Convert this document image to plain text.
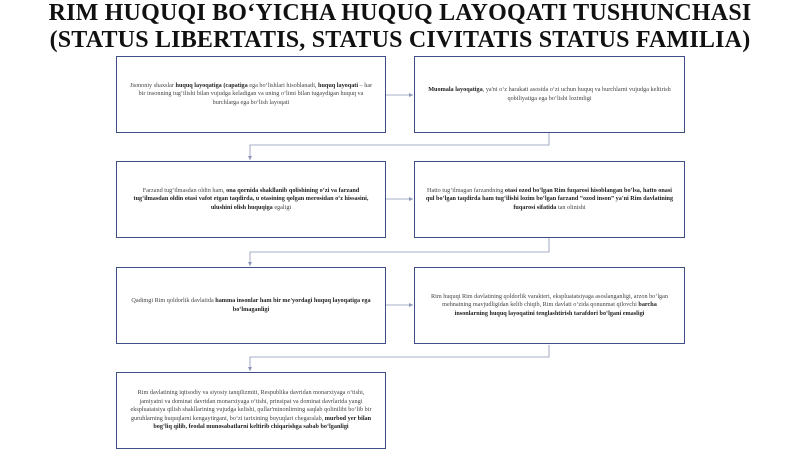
RIM HUQUQI BO‘YICHA HUQUQ LAYOQATI TUSHUNCHASI
(STATUS LIBERTATIS, STATUS CIVITATIS STATUS FAMILIA)
Jismoniy shaxslar huquq layoqatiga (capatiga ega bo‘lishlari hisoblanadi, huquq layoqati – har bir insonning tug‘ilishi bilan vujudga keladigan va uning o‘limi bilan tugaydigan huquq va burchlarga ega bo‘lish layoqati
Muomala layoqatiga, ya'ni o‘z harakati asosida o‘zi uchun huquq va burchlarni vujudga keltirish qobiliyatiga ega bo‘lishi lozimligi
Farzand tug‘ilmasdan oldin ham, ona qornida shakllanib qolishining o‘zi va farzand tug‘ilmasdan oldin otasi vafot etgan taqdirda, u otasining qolgan merosidan o‘z hissasini, ulushini olish huquqiga egaligi
Hatto tug‘ilmagan farzandning otasi ozod bo‘lgan Rim fuqarosi hisoblangan bo‘lsa, hatto onasi qul bo‘lgan taqdirda ham tug‘ilishi lozim bo‘lgan farzand “ozod inson” ya'ni Rim davlatining fuqarosi sifatida tan olinishi
Qadimgi Rim qoldorlik davlatida hamma insonlar ham bir me'yordagi huquq layoqatiga ega bo‘lmaganligi
Rim huquqi Rim davlatining qoldorlik varakteri, ekspluatatsiyaga asoslanganligi, arzon bo‘lgan mehnatning mavjudligidan kelib chiqib, Rim davlati o‘zida qonunmat qilovchi barcha insonlarning huquq layoqatini tenglashtirish tarafdori bo‘lgani emasligi
Rim davlatining iqtisodiy va siyosiy tanqilizmiti, Respublika davridan monarxiyaga o‘tishi, jamiyatni va dominat davridan monarxiyaga o‘tishi, prinsipat va dominat davrlarida yangi ekspluatatsiya qilish shakllarining vujudga kelishi, qullar'minonlirning saqlab qolinilibi bo‘lib bir guruhlarning huquqlarni kengaytirgani, bo‘zi tarixining buyuqlari chegaralab, murbod yer bilan bog‘liq qilib, feodal munosabatlarni keltirib chiqarishga sabab bo‘lganligi
